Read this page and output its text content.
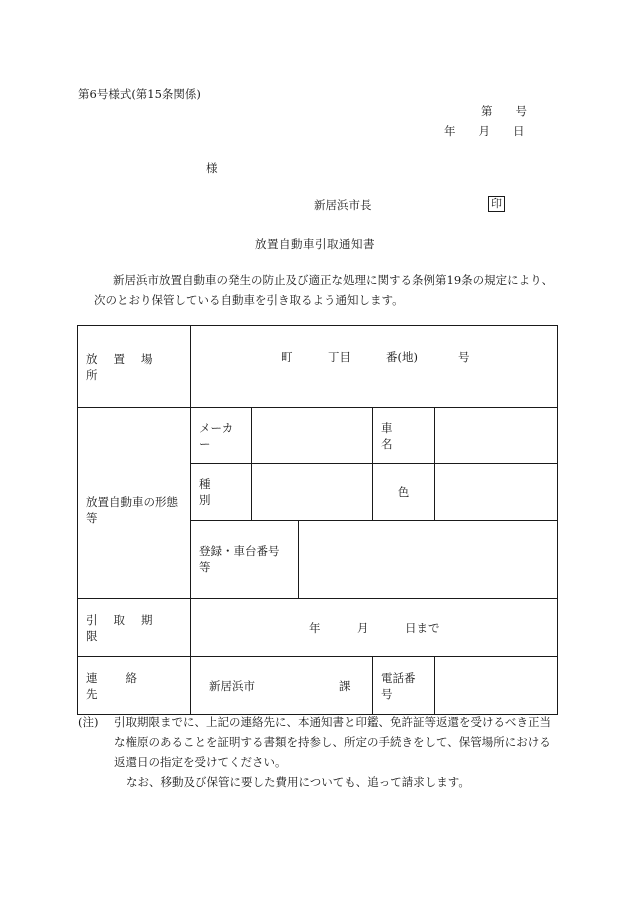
第6号様式(第15条関係)
第　　号
年　　月　　日
様
新居浜市長	印
放置自動車引取通知書
新居浜市放置自動車の発生の防止及び適正な処理に関する条例第19条の規定により、次のとおり保管している自動車を引き取るよう通知します。
放置場所	町 丁目 番(地) 号				

放置自動車の形態等	メーカー			車名	
	種別			色	
	登録・車台番号等				

引取期限	年 月 日まで				

連絡先	新居浜市 課			電話番号	
(注)	引取期限までに、上記の連絡先に、本通知書と印鑑、免許証等返還を受けるべき正当な権原のあることを証明する書類を持参し、所定の手続きをして、保管場所における返還日の指定を受けてください。
なお、移動及び保管に要した費用についても、追って請求します。
